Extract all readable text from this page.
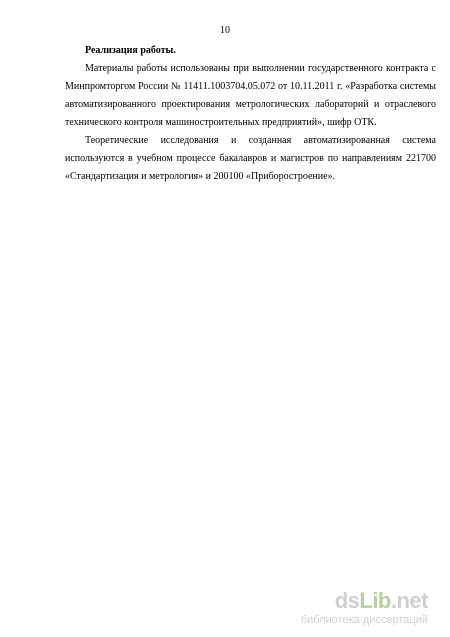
10

Реализация работы.

Материалы работы использованы при выполнении государственного контракта с Минпромторгом России № 11411.1003704.05.072 от 10.11.2011 г. «Разработка системы автоматизированного проектирования метрологических лабораторий и отраслевого технического контроля машиностроительных предприятий», шифр ОТК.

Теоретические исследования и созданная автоматизированная система используются в учебном процессе бакалавров и магистров по направлениям 221700 «Стандартизация и метрология» и 200100 «Приборостроение».

dsLib.net
библиотека диссертаций
